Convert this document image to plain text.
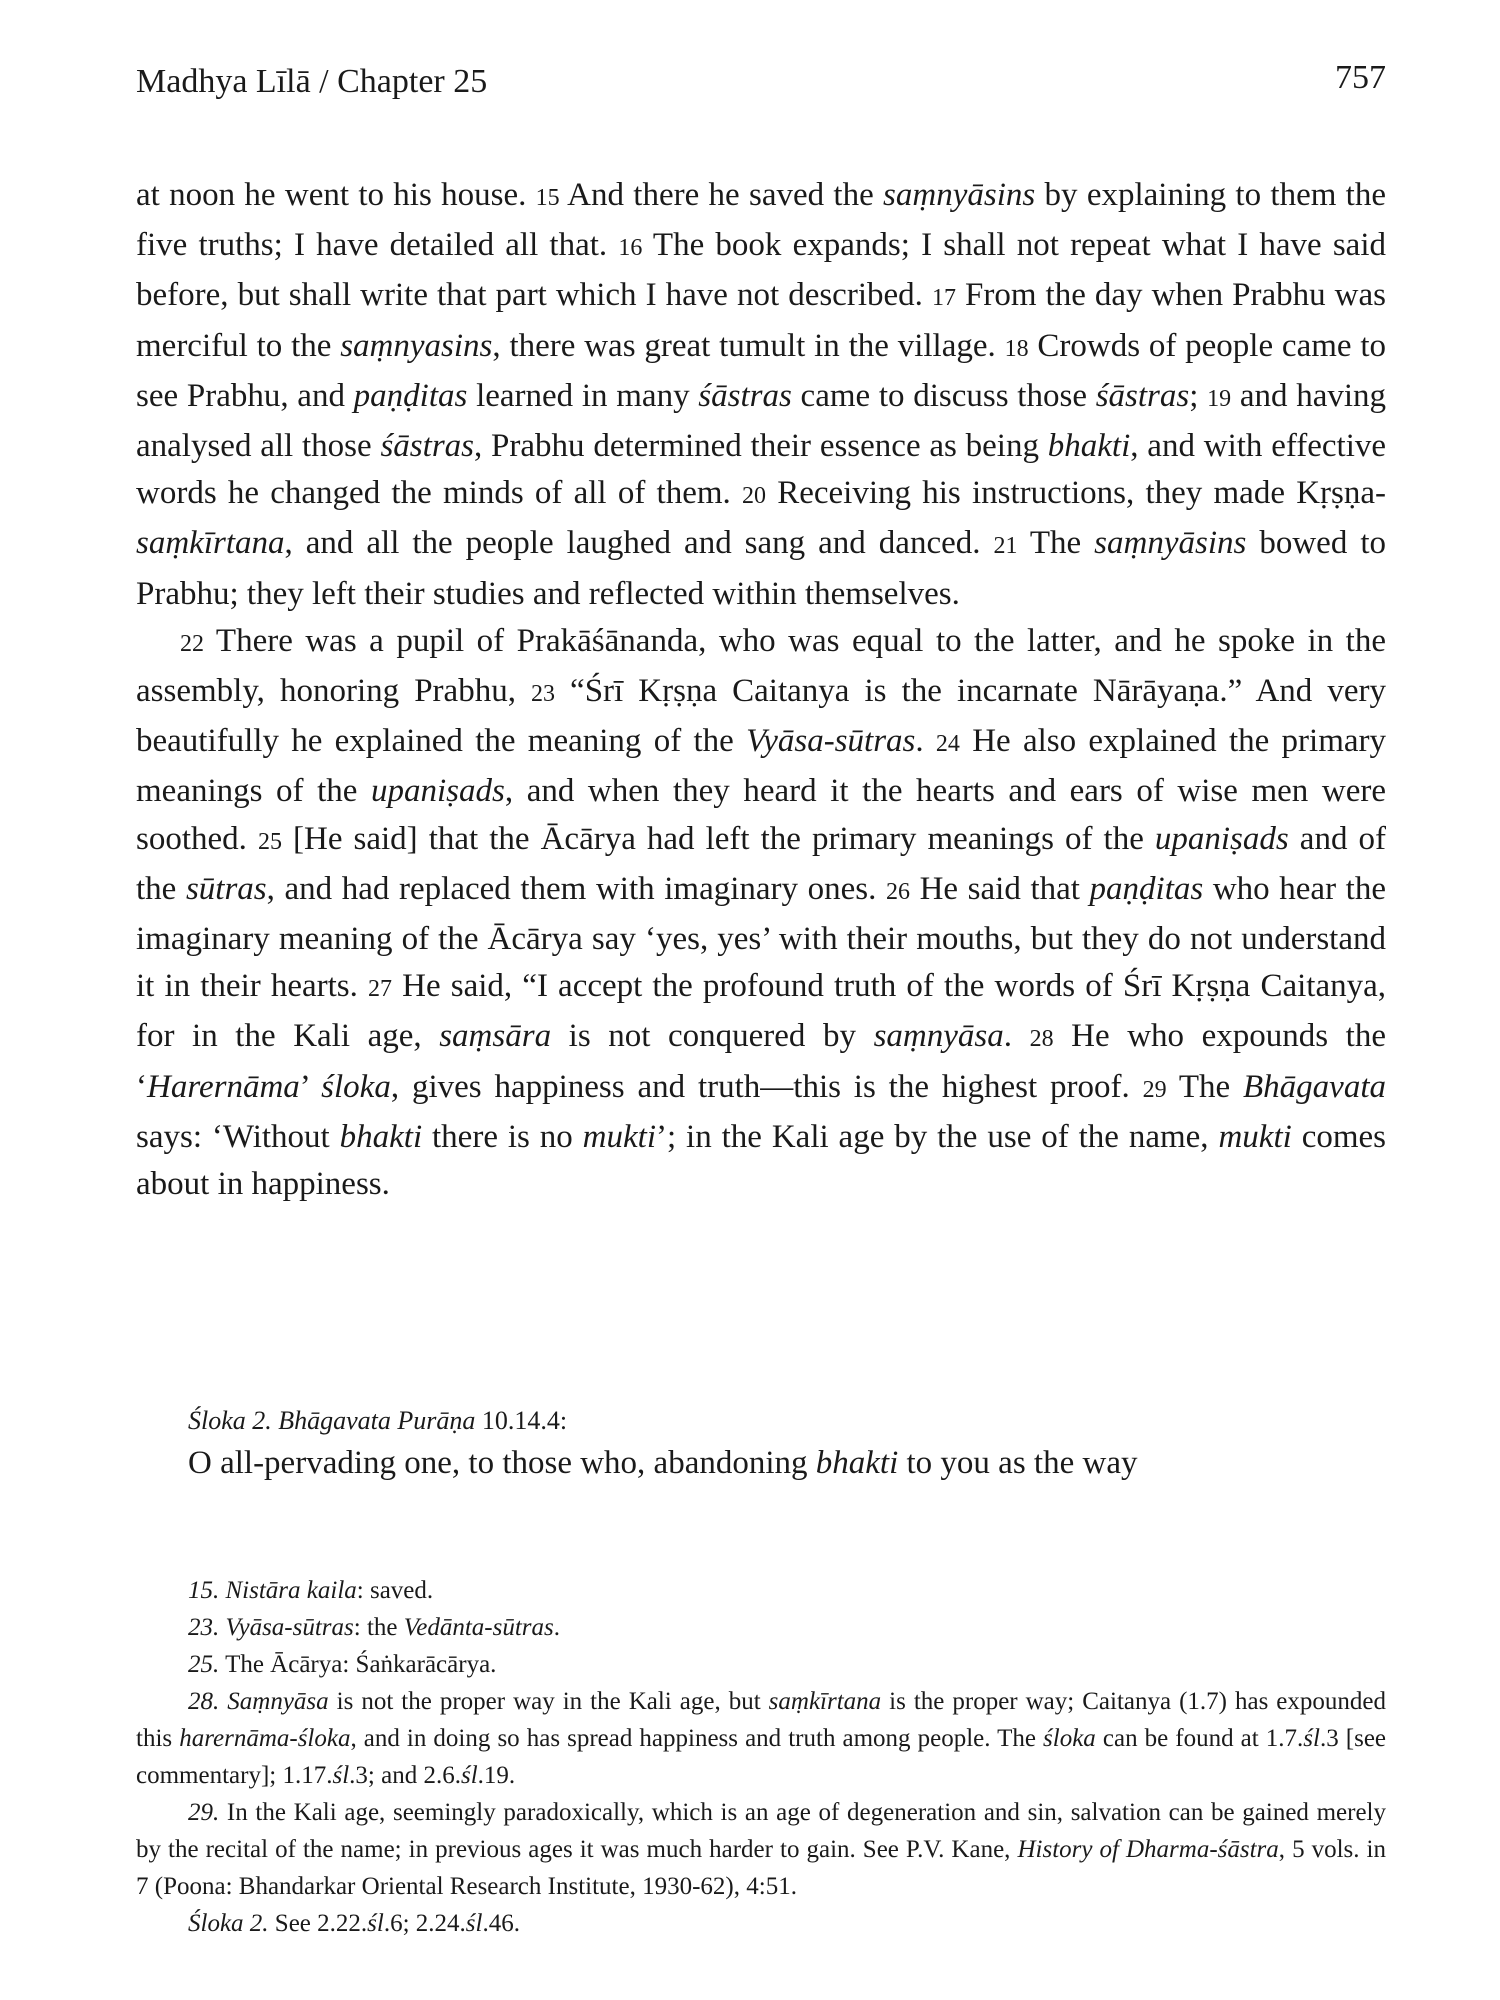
Madhya Līlā / Chapter 25	757

at noon he went to his house. 15 And there he saved the saṃnyāsins by explaining to them the five truths; I have detailed all that. 16 The book expands; I shall not repeat what I have said before, but shall write that part which I have not described. 17 From the day when Prabhu was merciful to the saṃnyasins, there was great tumult in the village. 18 Crowds of people came to see Prabhu, and paṇḍitas learned in many śāstras came to discuss those śāstras; 19 and having analysed all those śāstras, Prabhu determined their essence as being bhakti, and with effective words he changed the minds of all of them. 20 Receiving his instructions, they made Kṛṣṇa-saṃkīrtana, and all the people laughed and sang and danced. 21 The saṃnyāsins bowed to Prabhu; they left their studies and reflected within themselves.

22 There was a pupil of Prakāśānanda, who was equal to the latter, and he spoke in the assembly, honoring Prabhu, 23 “Śrī Kṛṣṇa Caitanya is the incarnate Nārāyaṇa.” And very beautifully he explained the meaning of the Vyāsa-sūtras. 24 He also explained the primary meanings of the upaniṣads, and when they heard it the hearts and ears of wise men were soothed. 25 [He said] that the Ācārya had left the primary meanings of the upaniṣads and of the sūtras, and had replaced them with imaginary ones. 26 He said that paṇḍitas who hear the imaginary meaning of the Ācārya say ‘yes, yes’ with their mouths, but they do not understand it in their hearts. 27 He said, “I accept the profound truth of the words of Śrī Kṛṣṇa Caitanya, for in the Kali age, saṃsāra is not conquered by saṃnyāsa. 28 He who expounds the ‘Harernāma’ śloka, gives happiness and truth—this is the highest proof. 29 The Bhāgavata says: ‘Without bhakti there is no mukti’; in the Kali age by the use of the name, mukti comes about in happiness.

Śloka 2. Bhāgavata Purāṇa 10.14.4:
O all-pervading one, to those who, abandoning bhakti to you as the way

15. Nistāra kaila: saved.

23. Vyāsa-sūtras: the Vedānta-sūtras.

25. The Ācārya: Śaṅkarācārya.

28. Saṃnyāsa is not the proper way in the Kali age, but saṃkīrtana is the proper way; Caitanya (1.7) has expounded this harernāma-śloka, and in doing so has spread happiness and truth among people. The śloka can be found at 1.7.śl.3 [see commentary]; 1.17.śl.3; and 2.6.śl.19.

29. In the Kali age, seemingly paradoxically, which is an age of degeneration and sin, salvation can be gained merely by the recital of the name; in previous ages it was much harder to gain. See P.V. Kane, History of Dharma-śāstra, 5 vols. in 7 (Poona: Bhandarkar Oriental Research Institute, 1930-62), 4:51.

Śloka 2. See 2.22.śl.6; 2.24.śl.46.
